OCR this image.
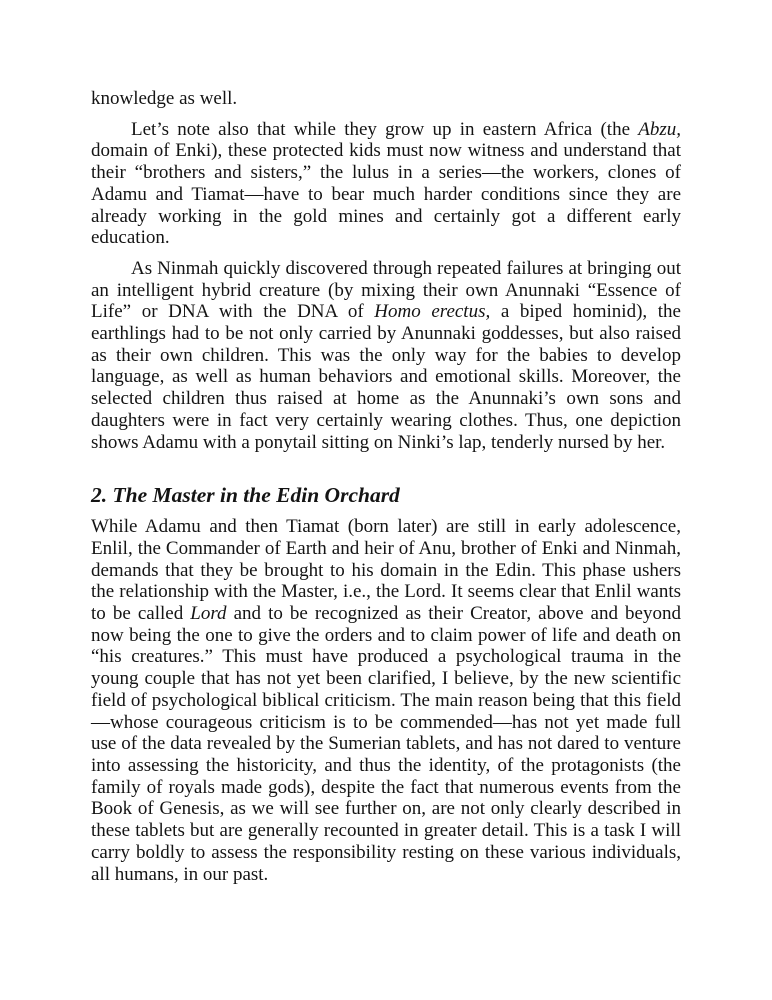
knowledge as well.

Let’s note also that while they grow up in eastern Africa (the Abzu, domain of Enki), these protected kids must now witness and understand that their “brothers and sisters,” the lulus in a series—the workers, clones of Adamu and Tiamat—have to bear much harder conditions since they are already working in the gold mines and certainly got a different early education.

As Ninmah quickly discovered through repeated failures at bringing out an intelligent hybrid creature (by mixing their own Anunnaki “Essence of Life” or DNA with the DNA of Homo erectus, a biped hominid), the earthlings had to be not only carried by Anunnaki goddesses, but also raised as their own children. This was the only way for the babies to develop language, as well as human behaviors and emotional skills. Moreover, the selected children thus raised at home as the Anunnaki’s own sons and daughters were in fact very certainly wearing clothes. Thus, one depiction shows Adamu with a ponytail sitting on Ninki’s lap, tenderly nursed by her.

2. The Master in the Edin Orchard

While Adamu and then Tiamat (born later) are still in early adolescence, Enlil, the Commander of Earth and heir of Anu, brother of Enki and Ninmah, demands that they be brought to his domain in the Edin. This phase ushers the relationship with the Master, i.e., the Lord. It seems clear that Enlil wants to be called Lord and to be recognized as their Creator, above and beyond now being the one to give the orders and to claim power of life and death on “his creatures.” This must have produced a psychological trauma in the young couple that has not yet been clarified, I believe, by the new scientific field of psychological biblical criticism. The main reason being that this field —whose courageous criticism is to be commended—has not yet made full use of the data revealed by the Sumerian tablets, and has not dared to venture into assessing the historicity, and thus the identity, of the protagonists (the family of royals made gods), despite the fact that numerous events from the Book of Genesis, as we will see further on, are not only clearly described in these tablets but are generally recounted in greater detail. This is a task I will carry boldly to assess the responsibility resting on these various individuals, all humans, in our past.
